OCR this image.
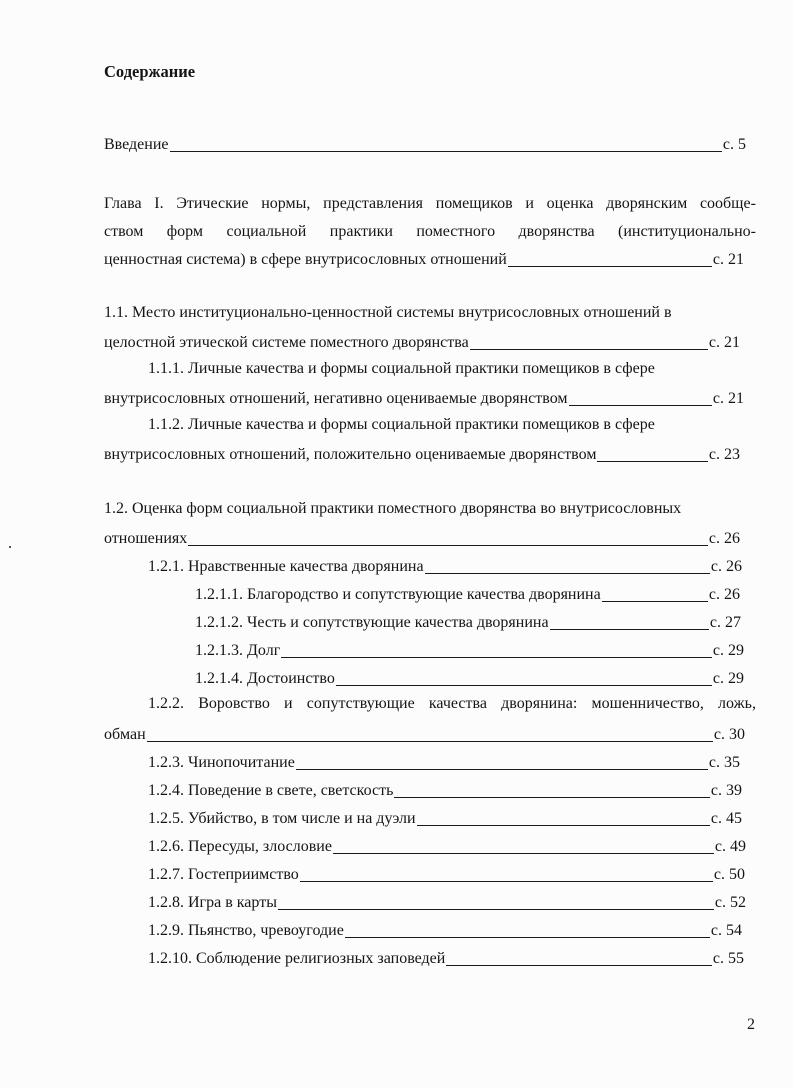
Содержание
Введение	с. 5
Глава I. Этические нормы, представления помещиков и оценка дворянским сообще-
ством форм социальной практики поместного дворянства (институционально-
ценностная система) в сфере внутрисословных отношений	с. 21
1.1. Место институционально-ценностной системы внутрисословных отношений в
целостной этической системе поместного дворянства	с. 21
1.1.1. Личные качества и формы социальной практики помещиков в сфере
внутрисословных отношений, негативно оцениваемые дворянством	с. 21
1.1.2. Личные качества и формы социальной практики помещиков в сфере
внутрисословных отношений, положительно оцениваемые дворянством	с. 23
1.2. Оценка форм социальной практики поместного дворянства во внутрисословных
отношениях	с. 26
1.2.1. Нравственные качества дворянина	с. 26
1.2.1.1. Благородство и сопутствующие качества дворянина	с. 26
1.2.1.2. Честь и сопутствующие качества дворянина	с. 27
1.2.1.3. Долг	с. 29
1.2.1.4. Достоинство	с. 29
1.2.2. Воровство и сопутствующие качества дворянина: мошенничество, ложь,
обман	с. 30
1.2.3. Чинопочитание	с. 35
1.2.4. Поведение в свете, светскость	с. 39
1.2.5. Убийство, в том числе и на дуэли	с. 45
1.2.6. Пересуды, злословие	с. 49
1.2.7. Гостеприимство	с. 50
1.2.8. Игра в карты	с. 52
1.2.9. Пьянство, чревоугодие	с. 54
1.2.10. Соблюдение религиозных заповедей	с. 55
2
